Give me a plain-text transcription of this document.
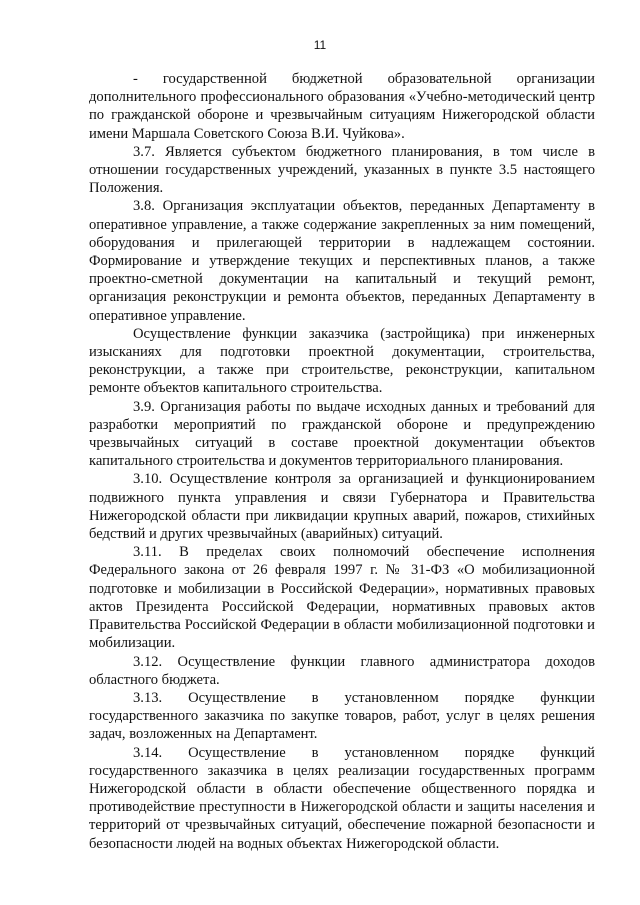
11

- государственной бюджетной образовательной организации дополнительного профессионального образования «Учебно-методический центр по гражданской обороне и чрезвычайным ситуациям Нижегородской области имени Маршала Советского Союза В.И. Чуйкова».

3.7. Является субъектом бюджетного планирования, в том числе в отношении государственных учреждений, указанных в пункте 3.5 настоящего Положения.

3.8. Организация эксплуатации объектов, переданных Департаменту в оперативное управление, а также содержание закрепленных за ним помещений, оборудования и прилегающей территории в надлежащем состоянии. Формирование и утверждение текущих и перспективных планов, а также проектно-сметной документации на капитальный и текущий ремонт, организация реконструкции и ремонта объектов, переданных Департаменту в оперативное управление.

Осуществление функции заказчика (застройщика) при инженерных изысканиях для подготовки проектной документации, строительства, реконструкции, а также при строительстве, реконструкции, капитальном ремонте объектов капитального строительства.

3.9. Организация работы по выдаче исходных данных и требований для разработки мероприятий по гражданской обороне и предупреждению чрезвычайных ситуаций в составе проектной документации объектов капитального строительства и документов территориального планирования.

3.10. Осуществление контроля за организацией и функционированием подвижного пункта управления и связи Губернатора и Правительства Нижегородской области при ликвидации крупных аварий, пожаров, стихийных бедствий и других чрезвычайных (аварийных) ситуаций.

3.11. В пределах своих полномочий обеспечение исполнения Федерального закона от 26 февраля 1997 г. № 31-ФЗ «О мобилизационной подготовке и мобилизации в Российской Федерации», нормативных правовых актов Президента Российской Федерации, нормативных правовых актов Правительства Российской Федерации в области мобилизационной подготовки и мобилизации.

3.12. Осуществление функции главного администратора доходов областного бюджета.

3.13. Осуществление в установленном порядке функции государственного заказчика по закупке товаров, работ, услуг в целях решения задач, возложенных на Департамент.

3.14. Осуществление в установленном порядке функций государственного заказчика в целях реализации государственных программ Нижегородской области в области обеспечение общественного порядка и противодействие преступности в Нижегородской области и защиты населения и территорий от чрезвычайных ситуаций, обеспечение пожарной безопасности и безопасности людей на водных объектах Нижегородской области.
